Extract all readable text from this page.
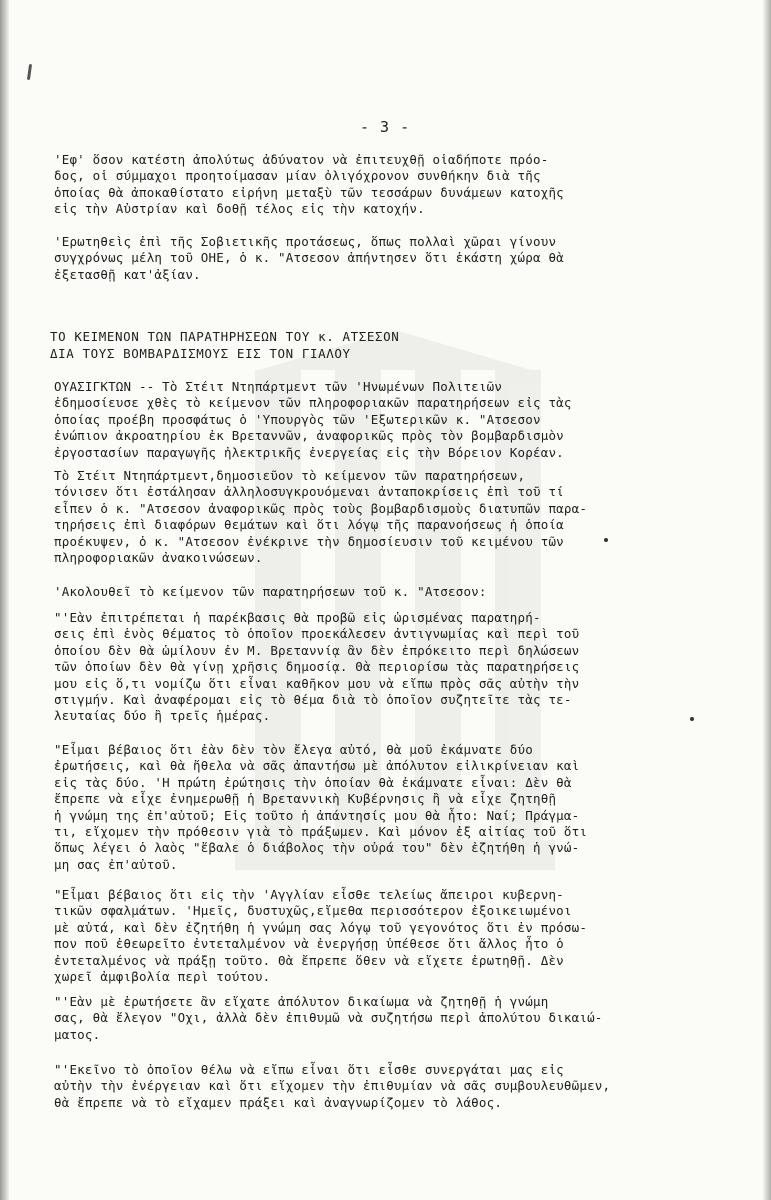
- 3 -

'Εφ' ὅσον κατέστη ἀπολύτως ἀδύνατον νὰ ἐπιτευχθῇ οἱαδήποτε πρόο-
δος, οἱ σύμμαχοι προητοίμασαν μίαν ὀλιγόχρονον συνθήκην διὰ τῆς
ὁποίας θὰ ἀποκαθίστατο εἰρήνη μεταξὺ τῶν τεσσάρων δυνάμεων κατοχῆς
εἰς τὴν Αὐστρίαν καὶ δοθῇ τέλος εἰς τὴν κατοχήν.

'Ερωτηθεὶς ἐπὶ τῆς Σοβιετικῆς προτάσεως, ὅπως πολλαὶ χῶραι γίνουν
συγχρόνως μέλη τοῦ ΟΗΕ, ὁ κ. "Ατσεσον ἀπήντησεν ὅτι ἑκάστη χώρα θὰ
ἐξετασθῇ κατ'ἀξίαν.

ΤΟ ΚΕΙΜΕΝΟΝ ΤΩΝ ΠΑΡΑΤΗΡΗΣΕΩΝ ΤΟΥ κ. ΑΤΣΕΣΟΝ
ΔΙΑ ΤΟΥΣ ΒΟΜΒΑΡΔΙΣΜΟΥΣ ΕΙΣ ΤΟΝ ΓΙΑΛΟΥ

ΟΥΑΣΙΓΚΤΩΝ -- Τὸ Στέιτ Ντηπάρτμεντ τῶν 'Ηνωμένων Πολιτειῶν
ἐδημοσίευσε χθὲς τὸ κείμενον τῶν πληροφοριακῶν παρατηρήσεων εἰς τὰς
ὁποίας προέβη προσφάτως ὁ 'Υπουργὸς τῶν 'Εξωτερικῶν κ. "Ατσεσον
ἐνώπιον ἀκροατηρίου ἐκ Βρεταννῶν, ἀναφορικῶς πρὸς τὸν βομβαρδισμὸν
ἐργοστασίων παραγωγῆς ἠλεκτρικῆς ἐνεργείας εἰς τὴν Βόρειον Κορέαν.

Τὸ Στέιτ Ντηπάρτμεντ,δημοσιεῦον τὸ κείμενον τῶν παρατηρήσεων,
τόνισεν ὅτι ἐστάλησαν ἀλληλοσυγκρουόμεναι ἀνταποκρίσεις ἐπὶ τοῦ τί
εἶπεν ὁ κ. "Ατσεσον ἀναφορικῶς πρὸς τοὺς βομβαρδισμοὺς διατυπῶν παρα-
τηρήσεις ἐπὶ διαφόρων θεμάτων καὶ ὅτι λόγῳ τῆς παρανοήσεως ἡ ὁποία
προέκυψεν, ὁ κ. "Ατσεσον ἐνέκρινε τὴν δημοσίευσιν τοῦ κειμένου τῶν
πληροφοριακῶν ἀνακοινώσεων.

'Ακολουθεῖ τὸ κείμενον τῶν παρατηρήσεων τοῦ κ. "Ατσεσον:

"'Εὰν ἐπιτρέπεται ἡ παρέκβασις θὰ προβῶ εἰς ὡρισμένας παρατηρή-
σεις ἐπὶ ἑνὸς θέματος τὸ ὁποῖον προεκάλεσεν ἀντιγνωμίας καὶ περὶ τοῦ
ὁποίου δὲν θὰ ὡμίλουν ἐν Μ. Βρεταννίᾳ ἂν δὲν ἐπρόκειτο περὶ δηλώσεων
τῶν ὁποίων δὲν θὰ γίνῃ χρῆσις δημοσίᾳ. Θὰ περιορίσω τὰς παρατηρήσεις
μου εἰς ὅ,τι νομίζω ὅτι εἶναι καθῆκον μου νὰ εἴπω πρὸς σᾶς αὐτὴν τὴν
στιγμήν. Καὶ ἀναφέρομαι εἰς τὸ θέμα διὰ τὸ ὁποῖον συζητεῖτε τὰς τε-
λευταίας δύο ἢ τρεῖς ἡμέρας.

"Εἶμαι βέβαιος ὅτι ἐὰν δὲν τὸν ἔλεγα αὐτό, θὰ μοῦ ἐκάμνατε δύο
ἐρωτήσεις, καὶ θὰ ἤθελα νὰ σᾶς ἀπαντήσω μὲ ἀπόλυτον εἰλικρίνειαν καὶ
εἰς τὰς δύο. 'Η πρώτη ἐρώτησις τὴν ὁποίαν θὰ ἐκάμνατε εἶναι: Δὲν θὰ
ἔπρεπε νὰ εἶχε ἐνημερωθῇ ἡ Βρεταννικὴ Κυβέρνησις ἢ νὰ εἶχε ζητηθῇ
ἡ γνώμη της ἐπ'αὐτοῦ; Εἰς τοῦτο ἡ ἀπάντησίς μου θὰ ἦτο: Ναί; Πράγμα-
τι, εἴχομεν τὴν πρόθεσιν γιὰ τὸ πράξωμεν. Καὶ μόνον ἐξ αἰτίας τοῦ ὅτι
ὅπως λέγει ὁ λαὸς "ἔβαλε ὁ διάβολος τὴν οὐρά του" δὲν ἐζητήθη ἡ γνώ-
μη σας ἐπ'αὐτοῦ.

"Εἶμαι βέβαιος ὅτι εἰς τὴν 'Αγγλίαν εἶσθε τελείως ἄπειροι κυβερνη-
τικῶν σφαλμάτων. 'Ημεῖς, δυστυχῶς,εἴμεθα περισσότερον ἐξοικειωμένοι
μὲ αὐτά, καὶ δὲν ἐζητήθη ἡ γνώμη σας λόγῳ τοῦ γεγονότος ὅτι ἐν πρόσω-
πον ποῦ ἐθεωρεῖτο ἐντεταλμένον νὰ ἐνεργήσῃ ὑπέθεσε ὅτι ἄλλος ἦτο ὁ
ἐντεταλμένος νὰ πράξῃ τοῦτο. Θὰ ἔπρεπε ὅθεν νὰ εἴχετε ἐρωτηθῇ. Δὲν
χωρεῖ ἀμφιβολία περὶ τούτου.

"'Εὰν μὲ ἐρωτήσετε ἂν εἴχατε ἀπόλυτον δικαίωμα νὰ ζητηθῇ ἡ γνώμη
σας, θὰ ἔλεγον "Οχι, ἀλλὰ δὲν ἐπιθυμῶ νὰ συζητήσω περὶ ἀπολύτου δικαιώ-
ματος.

"'Εκεῖνο τὸ ὁποῖον θέλω νὰ εἴπω εἶναι ὅτι εἶσθε συνεργάται μας εἰς
αὐτὴν τὴν ἐνέργειαν καὶ ὅτι εἴχομεν τὴν ἐπιθυμίαν νὰ σᾶς συμβουλευθῶμεν,
θὰ ἔπρεπε νὰ τὸ εἴχαμεν πράξει καὶ ἀναγνωρίζομεν τὸ λάθος.
